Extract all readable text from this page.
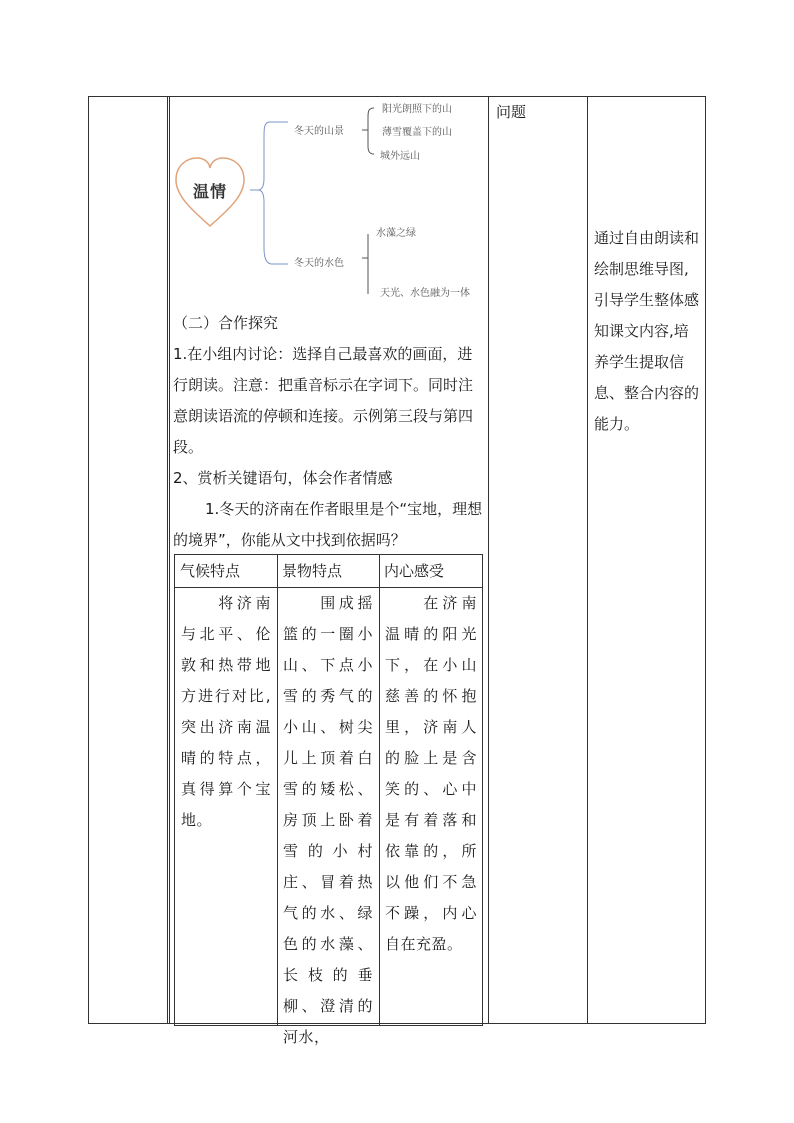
温情
冬天的山景
阳光朗照下的山
薄雪覆盖下的山
城外远山
冬天的水色
水藻之绿
天光、水色融为一体
（二）合作探究
1.在小组内讨论：选择自己最喜欢的画面，进行朗读。注意：把重音标示在字词下。同时注意朗读语流的停顿和连接。示例第三段与第四段。
2、赏析关键语句，体会作者情感
1.冬天的济南在作者眼里是个“宝地，理想的境界”，你能从文中找到依据吗？
气候特点	景物特点	内心感受
　　将济南与北平、伦敦和热带地方进行对比,突出济南温晴的特点，真得算个宝地。
　　围成摇篮的一圈小山、下点小雪的秀气的小山、树尖儿上顶着白雪的矮松、房顶上卧着雪的小村庄、冒着热气的水、绿色的水藻、长枝的垂柳、澄清的河水，
　　在济南温晴的阳光下，在小山慈善的怀抱里，济南人的脸上是含笑的、心中是有着落和依靠的，所以他们不急不躁，内心自在充盈。
问题
通过自由朗读和绘制思维导图,引导学生整体感知课文内容,培养学生提取信息、整合内容的能力。
